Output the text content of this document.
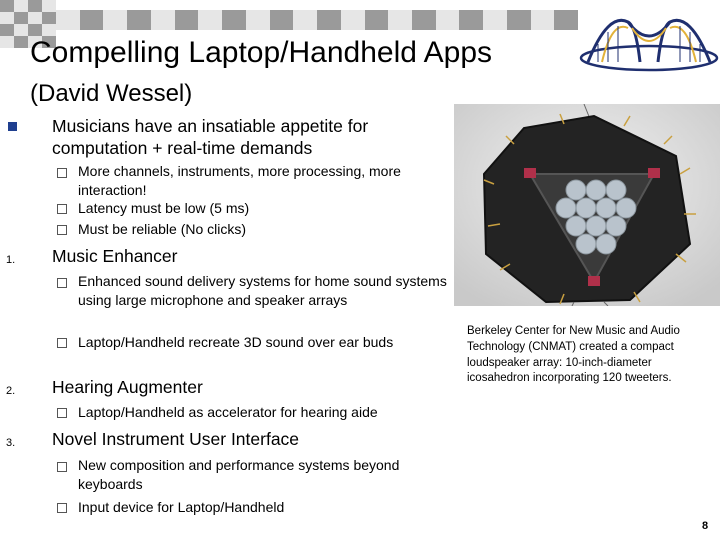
Compelling Laptop/Handheld Apps
(David Wessel)
Musicians have an insatiable appetite for computation + real-time demands
More channels, instruments, more processing, more interaction!
Latency must be low (5 ms)
Must be reliable (No clicks)
1. Music Enhancer
Enhanced sound delivery systems for home sound systems using large microphone and speaker arrays
Laptop/Handheld recreate 3D sound over ear buds
2. Hearing Augmenter
Laptop/Handheld as accelerator for hearing aide
3. Novel Instrument User Interface
New composition and performance systems beyond keyboards
Input device for Laptop/Handheld
Berkeley Center for New Music and Audio Technology (CNMAT) created a compact loudspeaker array: 10-inch-diameter icosahedron incorporating 120 tweeters.
8
